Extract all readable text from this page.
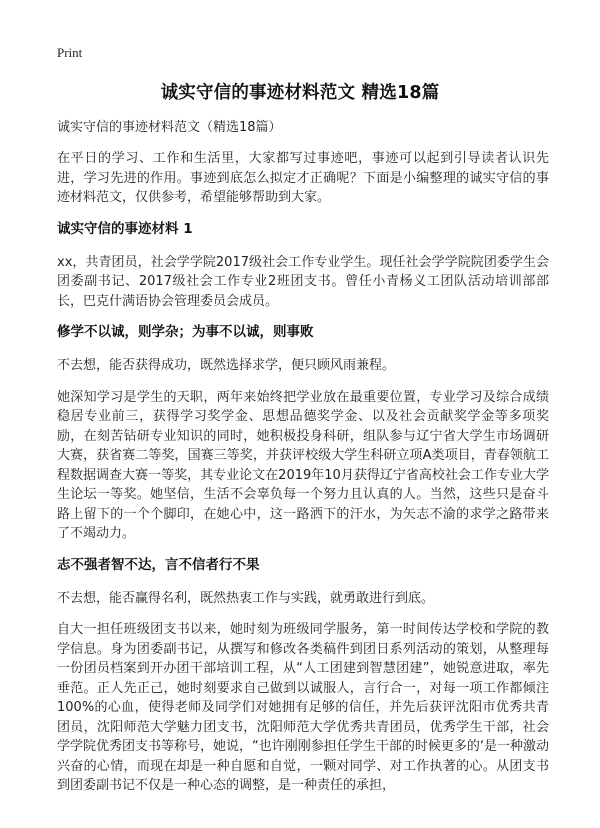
Print
诚实守信的事迹材料范文 精选18篇
诚实守信的事迹材料范文（精选18篇）
在平日的学习、工作和生活里，大家都写过事迹吧，事迹可以起到引导读者认识先进，学习先进的作用。事迹到底怎么拟定才正确呢？下面是小编整理的诚实守信的事迹材料范文，仅供参考，希望能够帮助到大家。
诚实守信的事迹材料 1
xx，共青团员，社会学学院2017级社会工作专业学生。现任社会学学院院团委学生会团委副书记、2017级社会工作专业2班团支书。曾任小青杨义工团队活动培训部部长，巴克什满语协会管理委员会成员。
修学不以诚，则学杂；为事不以诚，则事败
不去想，能否获得成功，既然选择求学，便只顾风雨兼程。
她深知学习是学生的天职，两年来始终把学业放在最重要位置，专业学习及综合成绩稳居专业前三，获得学习奖学金、思想品德奖学金、以及社会贡献奖学金等多项奖励，在刻苦钻研专业知识的同时，她积极投身科研，组队参与辽宁省大学生市场调研大赛，获省赛二等奖，国赛三等奖，并获评校级大学生科研立项A类项目，青春领航工程数据调查大赛一等奖，其专业论文在2019年10月获得辽宁省高校社会工作专业大学生论坛一等奖。她坚信，生活不会辜负每一个努力且认真的人。当然，这些只是奋斗路上留下的一个个脚印，在她心中，这一路洒下的汗水，为矢志不渝的求学之路带来了不竭动力。
志不强者智不达，言不信者行不果
不去想，能否赢得名利，既然热衷工作与实践，就勇敢进行到底。
自大一担任班级团支书以来，她时刻为班级同学服务，第一时间传达学校和学院的教学信息。身为团委副书记，从撰写和修改各类稿件到团日系列活动的策划，从整理每一份团员档案到开办团干部培训工程，从“人工团建到智慧团建”，她锐意进取，率先垂范。正人先正己，她时刻要求自己做到以诚服人，言行合一，对每一项工作都倾注100%的心血，使得老师及同学们对她拥有足够的信任，并先后获评沈阳市优秀共青团员，沈阳师范大学魅力团支书，沈阳师范大学优秀共青团员，优秀学生干部，社会学学院优秀团支书等称号，她说，“也许刚刚参担任学生干部的时候更多的‘是一种激动兴奋的心情，而现在却是一种自愿和自觉，一颗对同学、对工作执著的心。从团支书到团委副书记不仅是一种心态的调整，是一种责任的承担，
